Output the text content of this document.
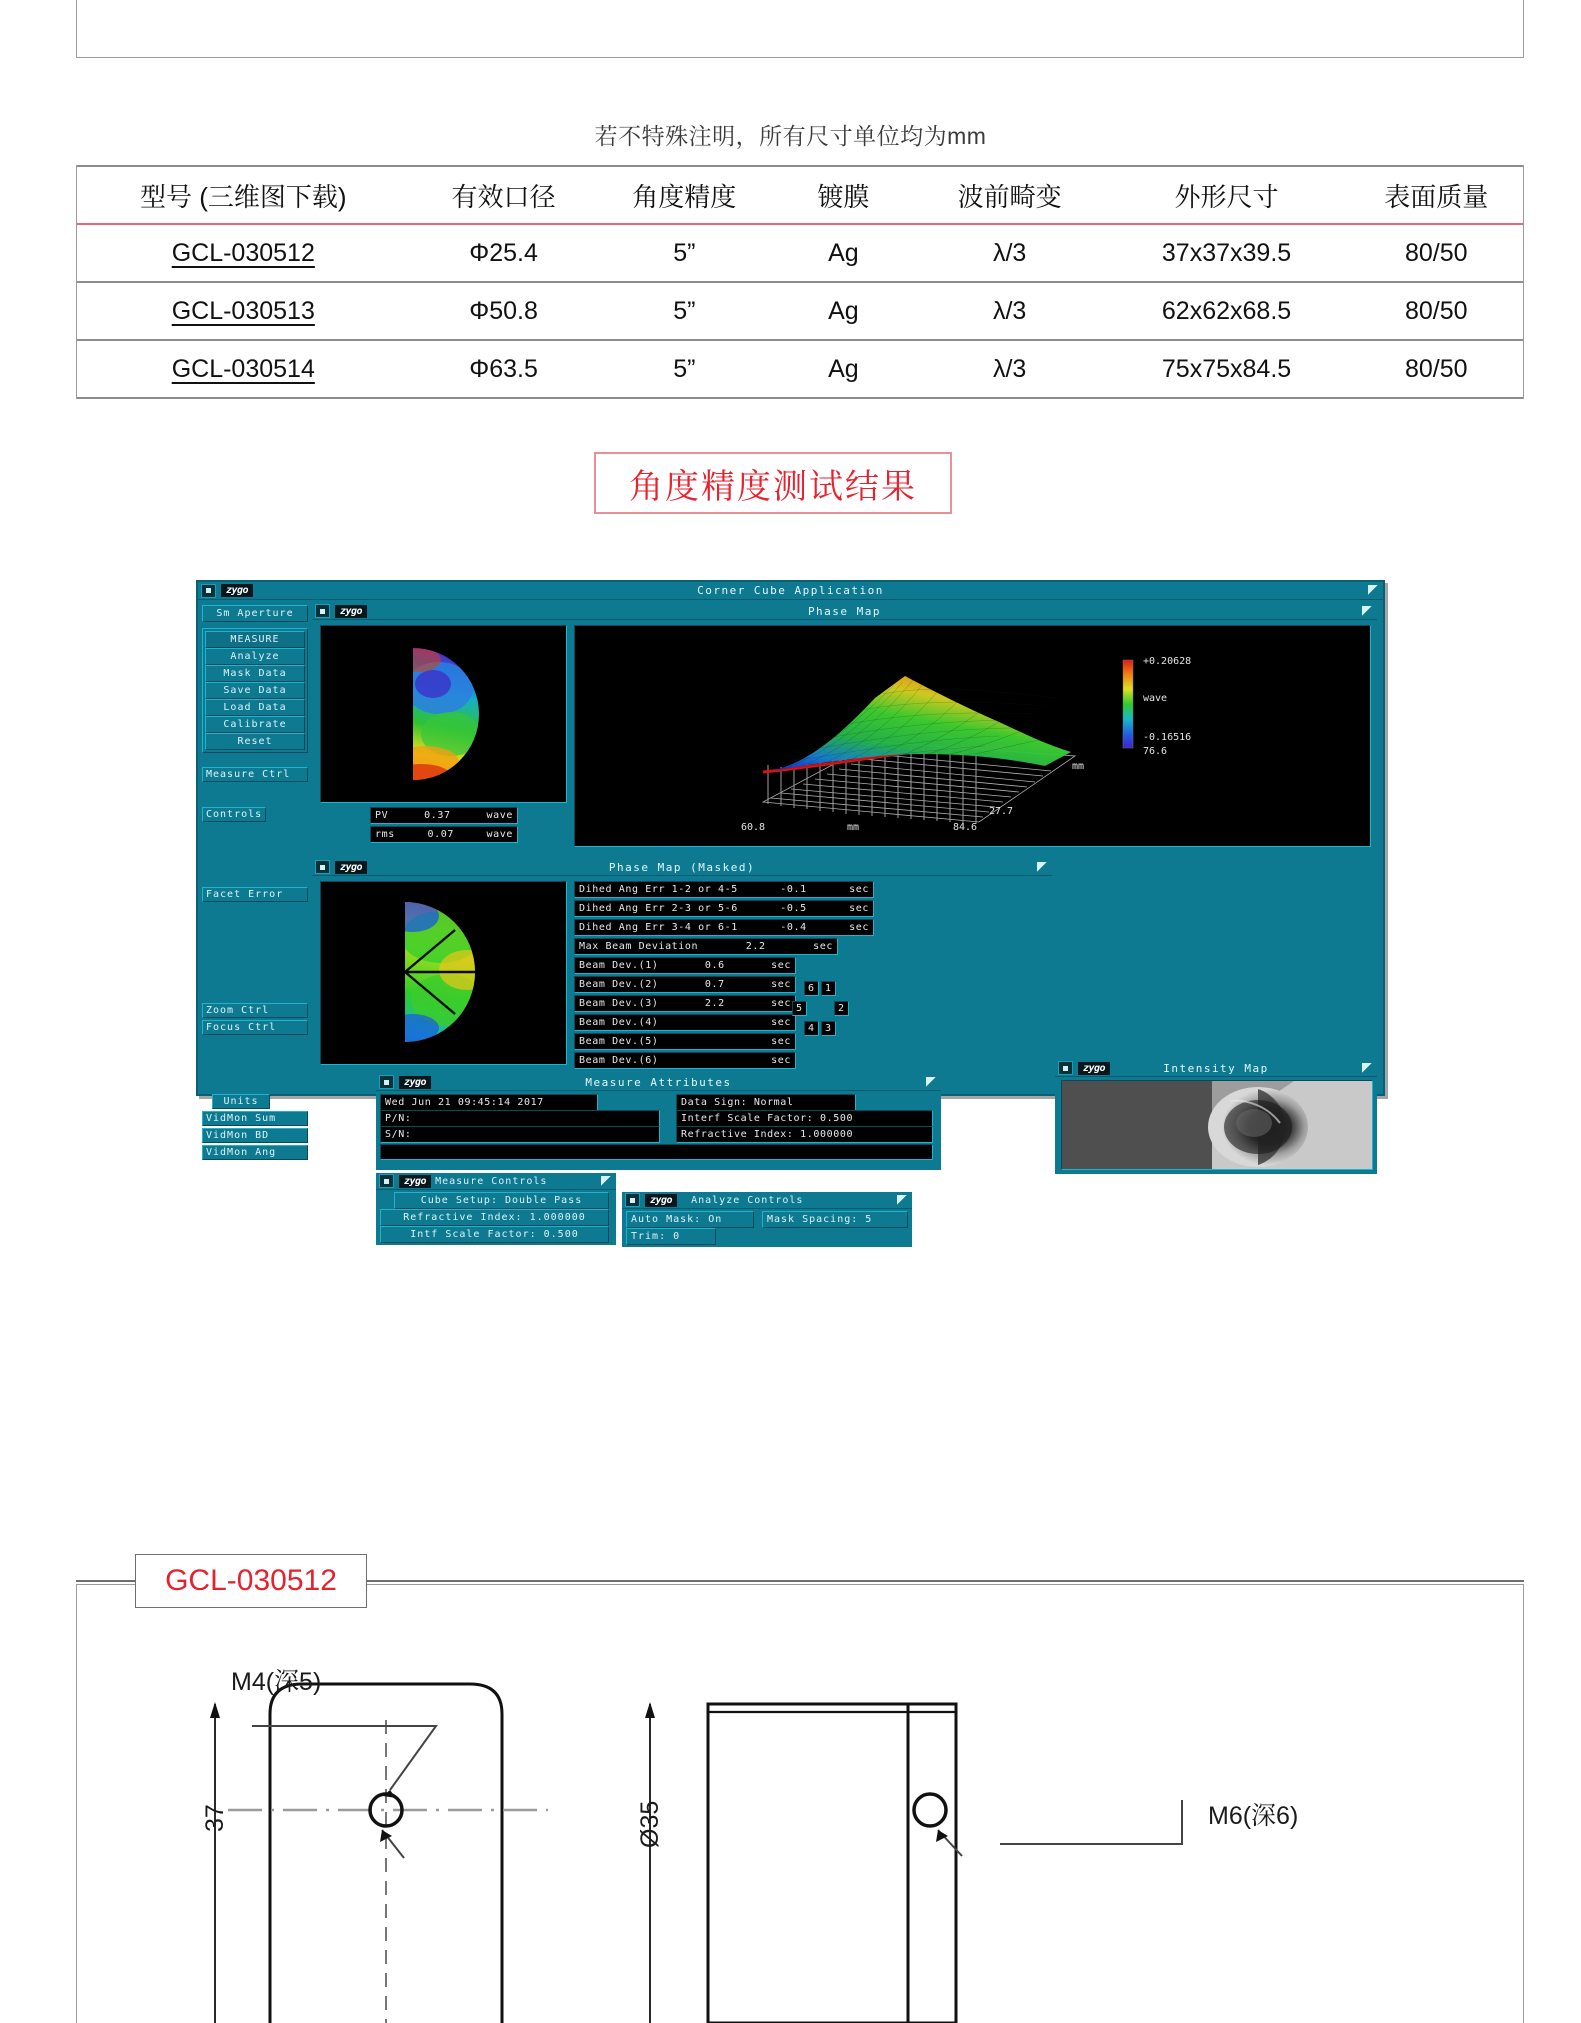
若不特殊注明，所有尺寸单位均为mm
型号 (三维图下载)	有效口径	角度精度	镀膜	波前畸变	外形尺寸	表面质量
GCL-030512	Φ25.4	5”	Ag	λ/3	37x37x39.5	80/50
GCL-030513	Φ50.8	5”	Ag	λ/3	62x62x68.5	80/50
GCL-030514	Φ63.5	5”	Ag	λ/3	75x75x84.5	80/50
角度精度测试结果
zygo	Corner Cube Application
Sm Aperture
MEASURE
Analyze
Mask Data
Save Data
Load Data
Calibrate
Reset
Measure Ctrl
Controls
Facet Error
Zoom Ctrl Focus Ctrl
Units VidMon Sum VidMon BD VidMon Ang
zygo	Phase Map
PV	0.37	wave
rms	0.07	wave
+0.20628
wave
-0.16516
76.6
mm
27.7
60.8	mm	84.6
zygo	Phase Map (Masked)
Dihed Ang Err 1-2 or 4-5	-0.1	sec
Dihed Ang Err 2-3 or 5-6	-0.5	sec
Dihed Ang Err 3-4 or 6-1	-0.4	sec
Max Beam Deviation	2.2	sec
Beam Dev.(1)	0.6	sec
Beam Dev.(2)	0.7	sec
Beam Dev.(3)	2.2	sec
Beam Dev.(4)	sec
Beam Dev.(5)	sec
Beam Dev.(6)	sec
6	1
5	2
4	3
zygo	Measure Attributes
Wed Jun 21 09:45:14 2017
P/N:
S/N:
Data Sign: Normal
Interf Scale Factor: 0.500
Refractive Index: 1.000000
zygo Measure Controls
Cube Setup: Double Pass
Refractive Index: 1.000000
Intf Scale Factor: 0.500
zygo	Analyze Controls
Auto Mask: On	Mask Spacing: 5
Trim: 0
zygo	Intensity Map
GCL-030512
M4(深5)
M6(深6)
37	Ø35
